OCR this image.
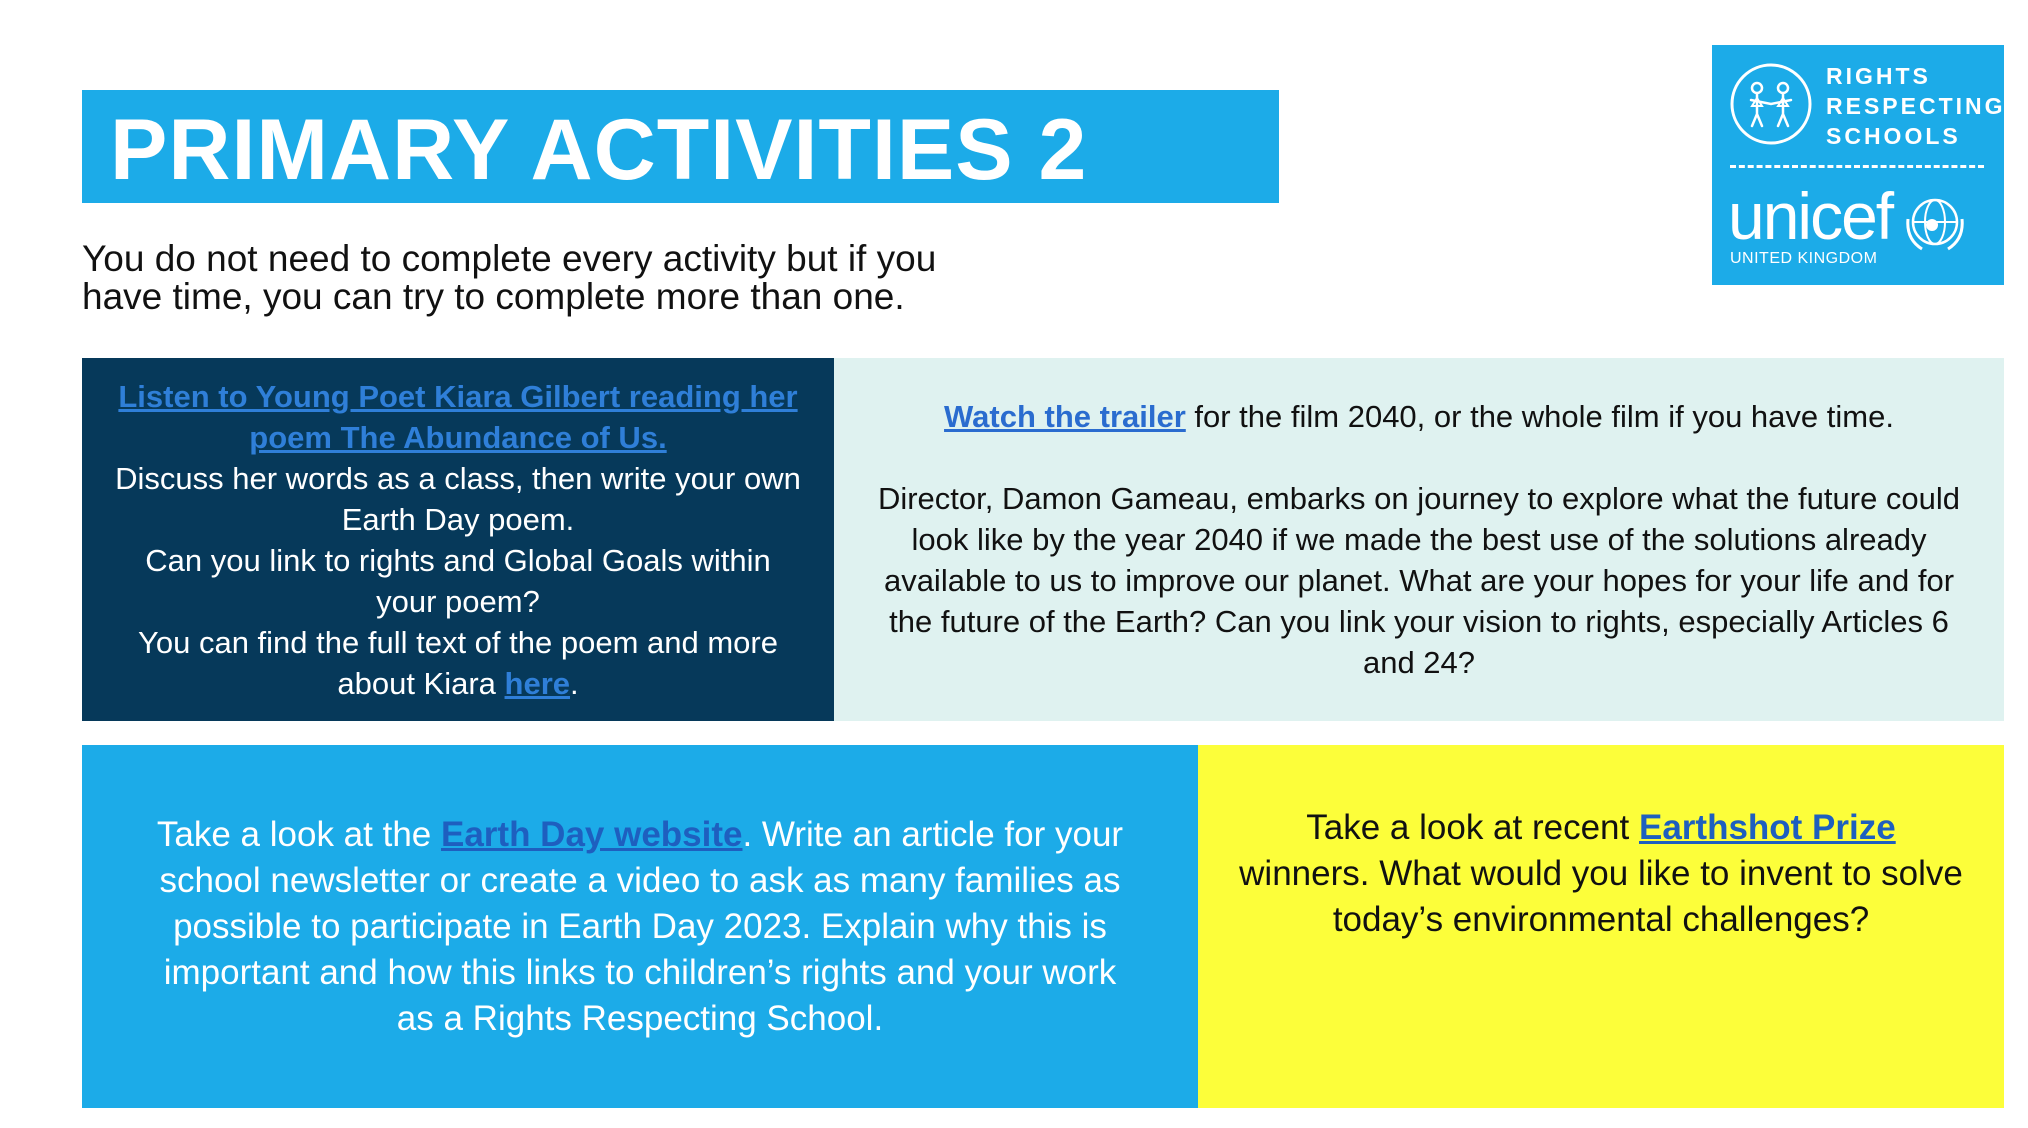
PRIMARY ACTIVITIES 2
You do not need to complete every activity but if you
have time, you can try to complete more than one.
RIGHTS
RESPECTING
SCHOOLS
unicef
UNITED KINGDOM

Listen to Young Poet Kiara Gilbert reading her poem The Abundance of Us.

Discuss her words as a class, then write your own Earth Day poem.

Can you link to rights and Global Goals within your poem?

You can find the full text of the poem and more about Kiara here.

Watch the trailer for the film 2040, or the whole film if you have time.

Director, Damon Gameau, embarks on journey to explore what the future could look like by the year 2040 if we made the best use of the solutions already available to us to improve our planet. What are your hopes for your life and for the future of the Earth? Can you link your vision to rights, especially Articles 6 and 24?

Take a look at the Earth Day website. Write an article for your school newsletter or create a video to ask as many families as possible to participate in Earth Day 2023. Explain why this is important and how this links to children’s rights and your work as a Rights Respecting School.

Take a look at recent Earthshot Prize winners. What would you like to invent to solve today’s environmental challenges?
